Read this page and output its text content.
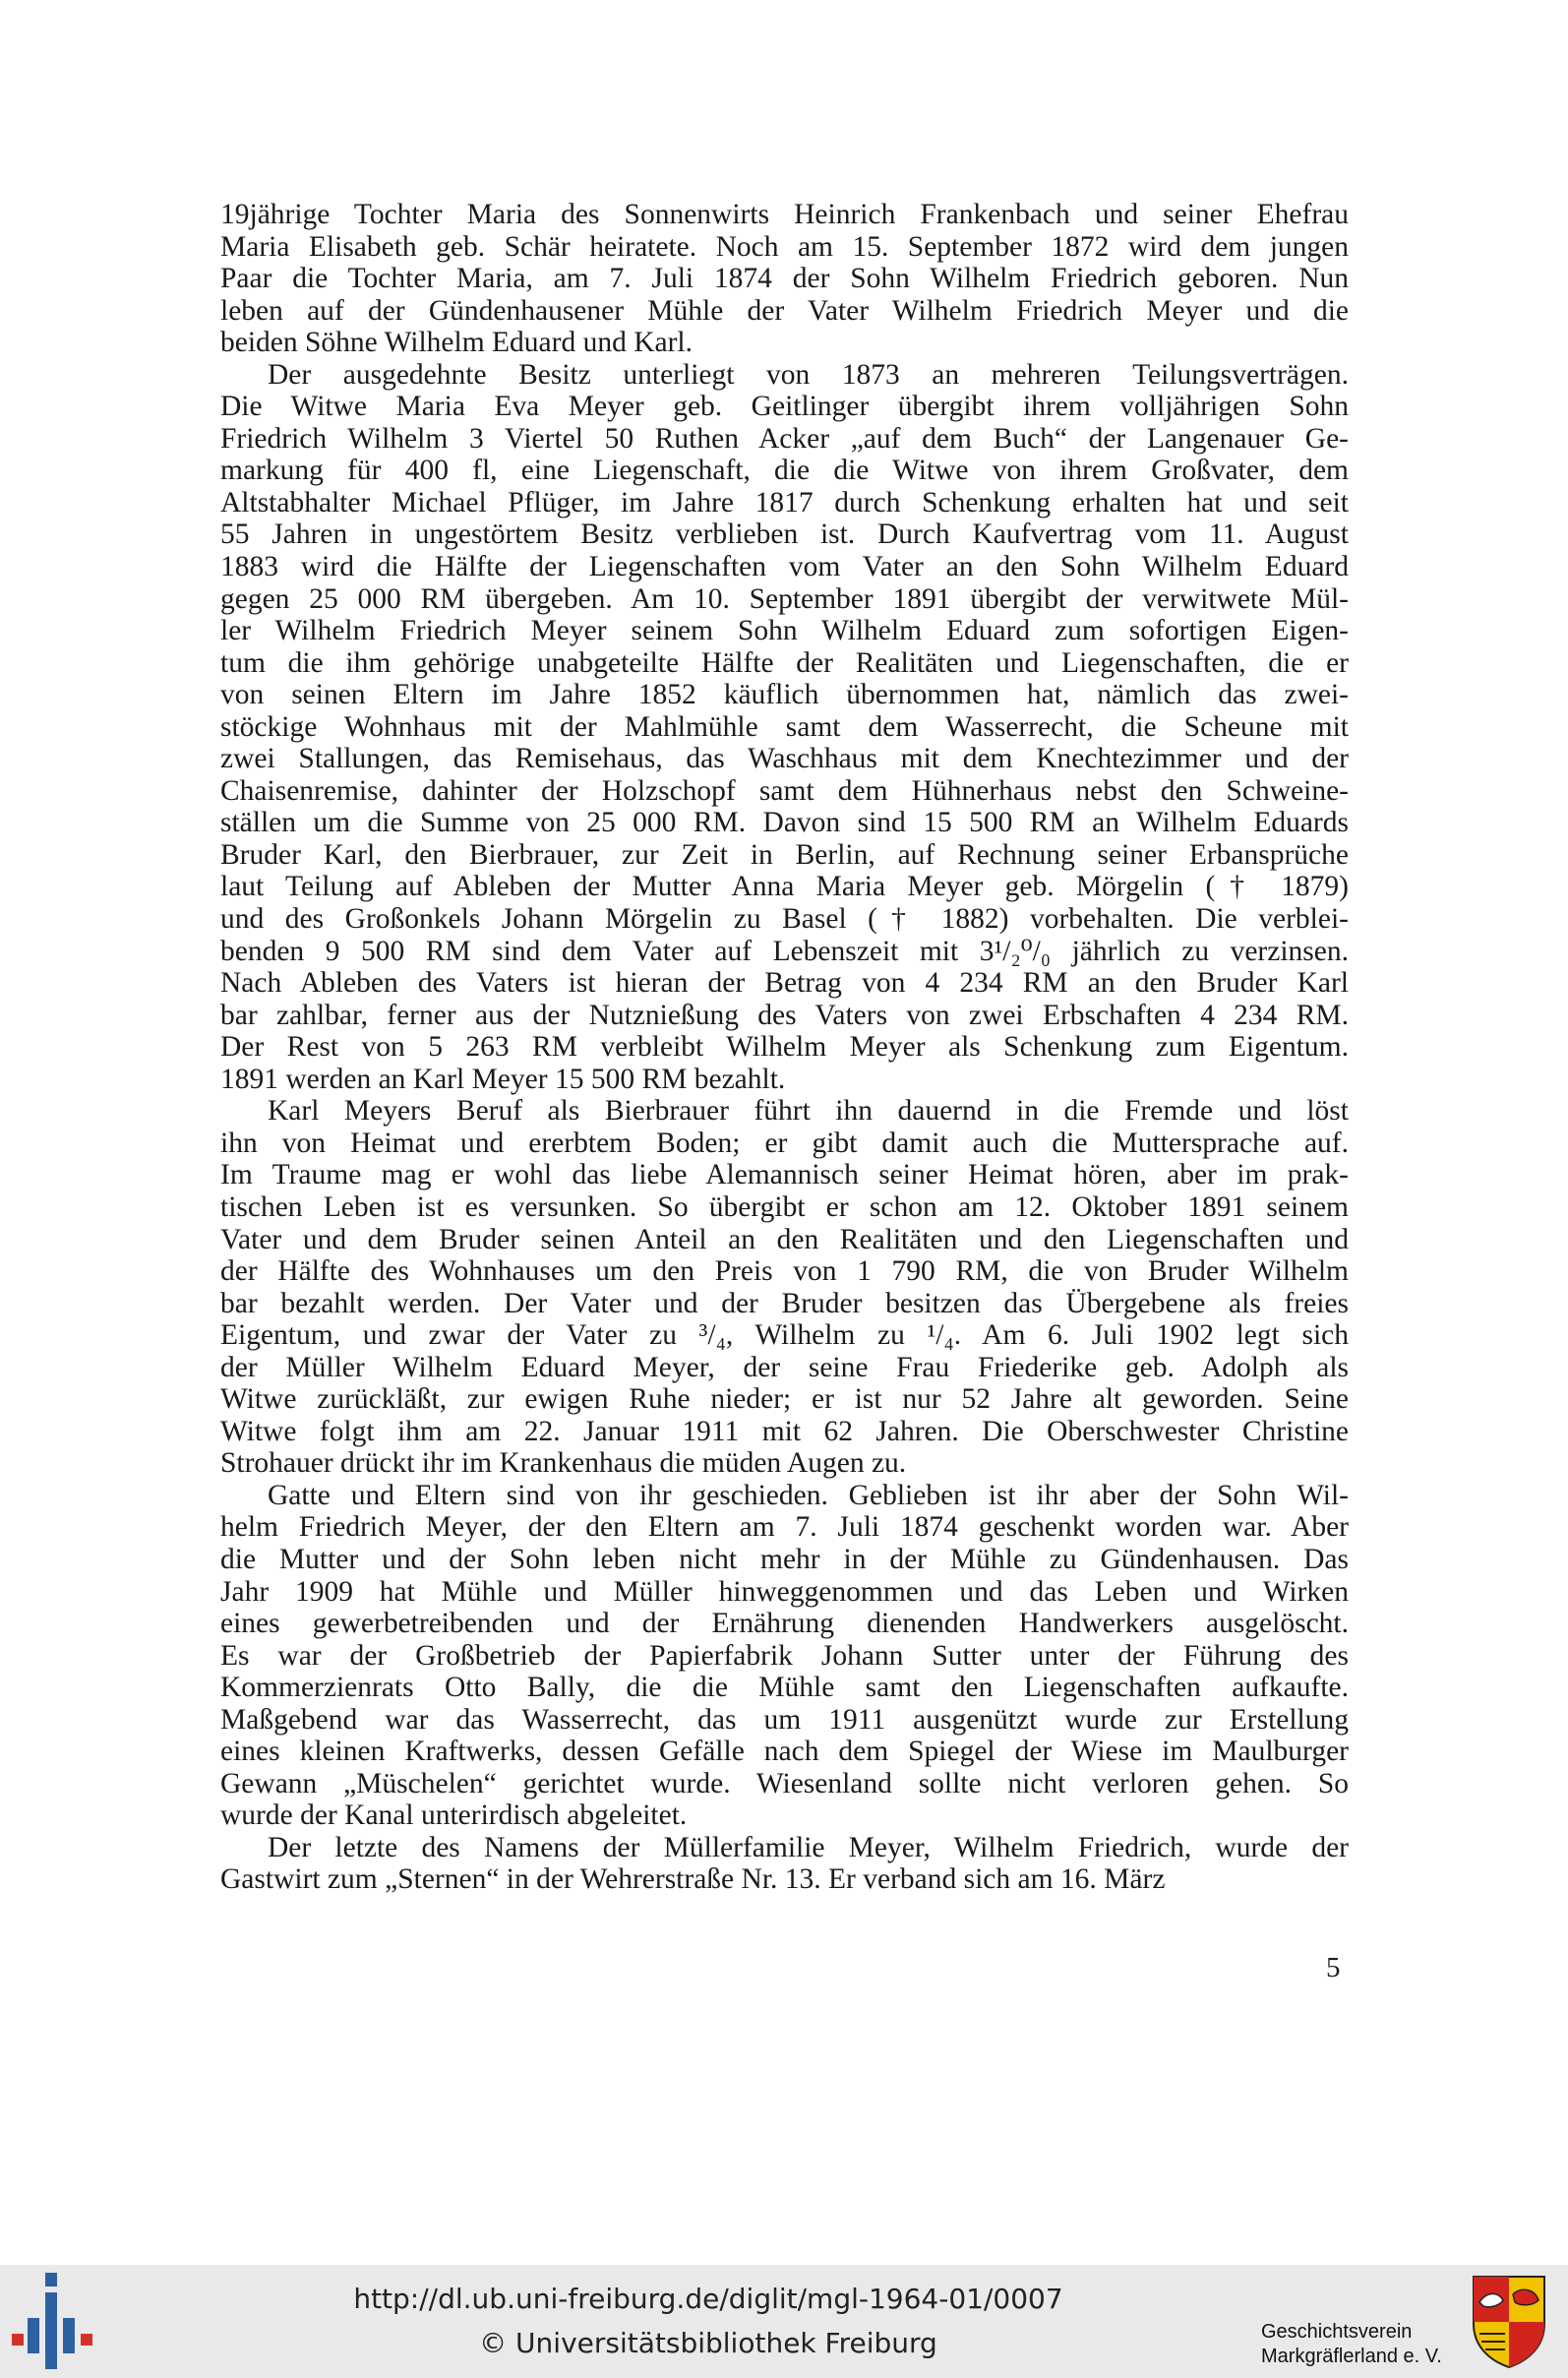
19jährige Tochter Maria des Sonnenwirts Heinrich Frankenbach und seiner Ehefrau
Maria Elisabeth geb. Schär heiratete. Noch am 15. September 1872 wird dem jungen
Paar die Tochter Maria, am 7. Juli 1874 der Sohn Wilhelm Friedrich geboren. Nun
leben auf der Gündenhausener Mühle der Vater Wilhelm Friedrich Meyer und die
beiden Söhne Wilhelm Eduard und Karl.
Der ausgedehnte Besitz unterliegt von 1873 an mehreren Teilungsverträgen.
Die Witwe Maria Eva Meyer geb. Geitlinger übergibt ihrem volljährigen Sohn
Friedrich Wilhelm 3 Viertel 50 Ruthen Acker „auf dem Buch“ der Langenauer Ge-
markung für 400 fl, eine Liegenschaft, die die Witwe von ihrem Großvater, dem
Altstabhalter Michael Pflüger, im Jahre 1817 durch Schenkung erhalten hat und seit
55 Jahren in ungestörtem Besitz verblieben ist. Durch Kaufvertrag vom 11. August
1883 wird die Hälfte der Liegenschaften vom Vater an den Sohn Wilhelm Eduard
gegen 25 000 RM übergeben. Am 10. September 1891 übergibt der verwitwete Mül-
ler Wilhelm Friedrich Meyer seinem Sohn Wilhelm Eduard zum sofortigen Eigen-
tum die ihm gehörige unabgeteilte Hälfte der Realitäten und Liegenschaften, die er
von seinen Eltern im Jahre 1852 käuflich übernommen hat, nämlich das zwei-
stöckige Wohnhaus mit der Mahlmühle samt dem Wasserrecht, die Scheune mit
zwei Stallungen, das Remisehaus, das Waschhaus mit dem Knechtezimmer und der
Chaisenremise, dahinter der Holzschopf samt dem Hühnerhaus nebst den Schweine-
ställen um die Summe von 25 000 RM. Davon sind 15 500 RM an Wilhelm Eduards
Bruder Karl, den Bierbrauer, zur Zeit in Berlin, auf Rechnung seiner Erbansprüche
laut Teilung auf Ableben der Mutter Anna Maria Meyer geb. Mörgelin († 1879)
und des Großonkels Johann Mörgelin zu Basel († 1882) vorbehalten. Die verblei-
benden 9 500 RM sind dem Vater auf Lebenszeit mit 3¹/₂⁰/₀ jährlich zu verzinsen.
Nach Ableben des Vaters ist hieran der Betrag von 4 234 RM an den Bruder Karl
bar zahlbar, ferner aus der Nutznießung des Vaters von zwei Erbschaften 4 234 RM.
Der Rest von 5 263 RM verbleibt Wilhelm Meyer als Schenkung zum Eigentum.
1891 werden an Karl Meyer 15 500 RM bezahlt.
Karl Meyers Beruf als Bierbrauer führt ihn dauernd in die Fremde und löst
ihn von Heimat und ererbtem Boden; er gibt damit auch die Muttersprache auf.
Im Traume mag er wohl das liebe Alemannisch seiner Heimat hören, aber im prak-
tischen Leben ist es versunken. So übergibt er schon am 12. Oktober 1891 seinem
Vater und dem Bruder seinen Anteil an den Realitäten und den Liegenschaften und
der Hälfte des Wohnhauses um den Preis von 1 790 RM, die von Bruder Wilhelm
bar bezahlt werden. Der Vater und der Bruder besitzen das Übergebene als freies
Eigentum, und zwar der Vater zu ³/₄, Wilhelm zu ¹/₄. Am 6. Juli 1902 legt sich
der Müller Wilhelm Eduard Meyer, der seine Frau Friederike geb. Adolph als
Witwe zurückläßt, zur ewigen Ruhe nieder; er ist nur 52 Jahre alt geworden. Seine
Witwe folgt ihm am 22. Januar 1911 mit 62 Jahren. Die Oberschwester Christine
Strohauer drückt ihr im Krankenhaus die müden Augen zu.
Gatte und Eltern sind von ihr geschieden. Geblieben ist ihr aber der Sohn Wil-
helm Friedrich Meyer, der den Eltern am 7. Juli 1874 geschenkt worden war. Aber
die Mutter und der Sohn leben nicht mehr in der Mühle zu Gündenhausen. Das
Jahr 1909 hat Mühle und Müller hinweggenommen und das Leben und Wirken
eines gewerbetreibenden und der Ernährung dienenden Handwerkers ausgelöscht.
Es war der Großbetrieb der Papierfabrik Johann Sutter unter der Führung des
Kommerzienrats Otto Bally, die die Mühle samt den Liegenschaften aufkaufte.
Maßgebend war das Wasserrecht, das um 1911 ausgenützt wurde zur Erstellung
eines kleinen Kraftwerks, dessen Gefälle nach dem Spiegel der Wiese im Maulburger
Gewann „Müschelen“ gerichtet wurde. Wiesenland sollte nicht verloren gehen. So
wurde der Kanal unterirdisch abgeleitet.
Der letzte des Namens der Müllerfamilie Meyer, Wilhelm Friedrich, wurde der
Gastwirt zum „Sternen“ in der Wehrerstraße Nr. 13. Er verband sich am 16. März
5
http://dl.ub.uni-freiburg.de/diglit/mgl-1964-01/0007
© Universitätsbibliothek Freiburg	Geschichtsverein
Markgräflerland e. V.
